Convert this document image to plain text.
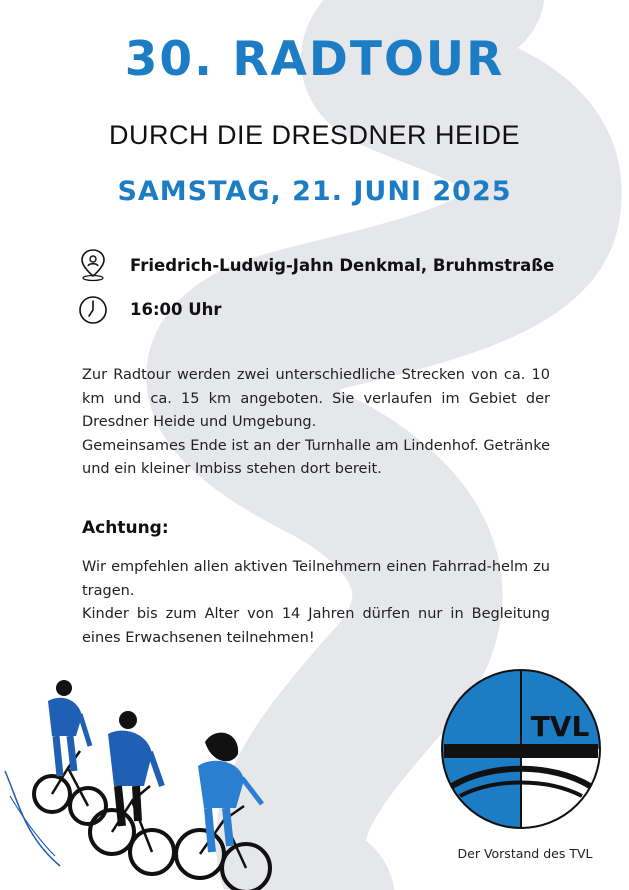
30. RADTOUR
DURCH DIE DRESDNER HEIDE
SAMSTAG, 21. JUNI 2025
Friedrich-Ludwig-Jahn Denkmal, Bruhmstraße
16:00 Uhr

Zur Radtour werden zwei unterschiedliche Strecken von ca. 10 km und ca. 15 km angeboten. Sie verlaufen im Gebiet der Dresdner Heide und Umgebung.

Gemeinsames Ende ist an der Turnhalle am Lindenhof. Getränke und ein kleiner Imbiss stehen dort bereit.

Achtung:

Wir empfehlen allen aktiven Teilnehmern einen Fahrrad-helm zu tragen.

Kinder bis zum Alter von 14 Jahren dürfen nur in Begleitung eines Erwachsenen teilnehmen!

TVL
Der Vorstand des TVL
